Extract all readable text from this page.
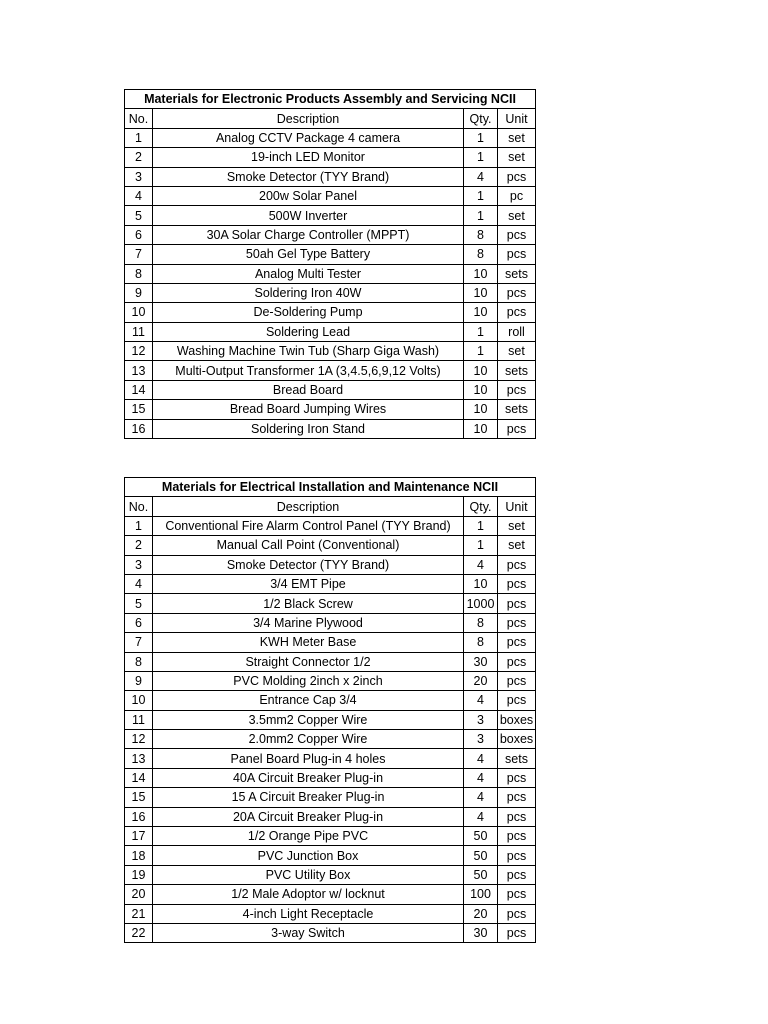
Materials for Electronic Products Assembly and Servicing NCII			
No.	Description	Qty.	Unit
1	Analog CCTV Package 4 camera	1	set
2	19-inch LED Monitor	1	set
3	Smoke Detector (TYY Brand)	4	pcs
4	200w Solar Panel	1	pc
5	500W Inverter	1	set
6	30A Solar Charge Controller (MPPT)	8	pcs
7	50ah Gel Type Battery	8	pcs
8	Analog Multi Tester	10	sets
9	Soldering Iron 40W	10	pcs
10	De-Soldering Pump	10	pcs
11	Soldering Lead	1	roll
12	Washing Machine Twin Tub (Sharp Giga Wash)	1	set
13	Multi-Output Transformer 1A (3,4.5,6,9,12 Volts)	10	sets
14	Bread Board	10	pcs
15	Bread Board Jumping Wires	10	sets
16	Soldering Iron Stand	10	pcs
Materials for Electrical Installation and Maintenance NCII			
No.	Description	Qty.	Unit
1	Conventional Fire Alarm Control Panel (TYY Brand)	1	set
2	Manual Call Point (Conventional)	1	set
3	Smoke Detector (TYY Brand)	4	pcs
4	3/4 EMT Pipe	10	pcs
5	1/2 Black Screw	1000	pcs
6	3/4 Marine Plywood	8	pcs
7	KWH Meter Base	8	pcs
8	Straight Connector 1/2	30	pcs
9	PVC Molding 2inch x 2inch	20	pcs
10	Entrance Cap 3/4	4	pcs
11	3.5mm2 Copper Wire	3	boxes
12	2.0mm2 Copper Wire	3	boxes
13	Panel Board Plug-in 4 holes	4	sets
14	40A Circuit Breaker Plug-in	4	pcs
15	15 A Circuit Breaker Plug-in	4	pcs
16	20A Circuit Breaker Plug-in	4	pcs
17	1/2 Orange Pipe PVC	50	pcs
18	PVC Junction Box	50	pcs
19	PVC Utility Box	50	pcs
20	1/2 Male Adoptor w/ locknut	100	pcs
21	4-inch Light Receptacle	20	pcs
22	3-way Switch	30	pcs
